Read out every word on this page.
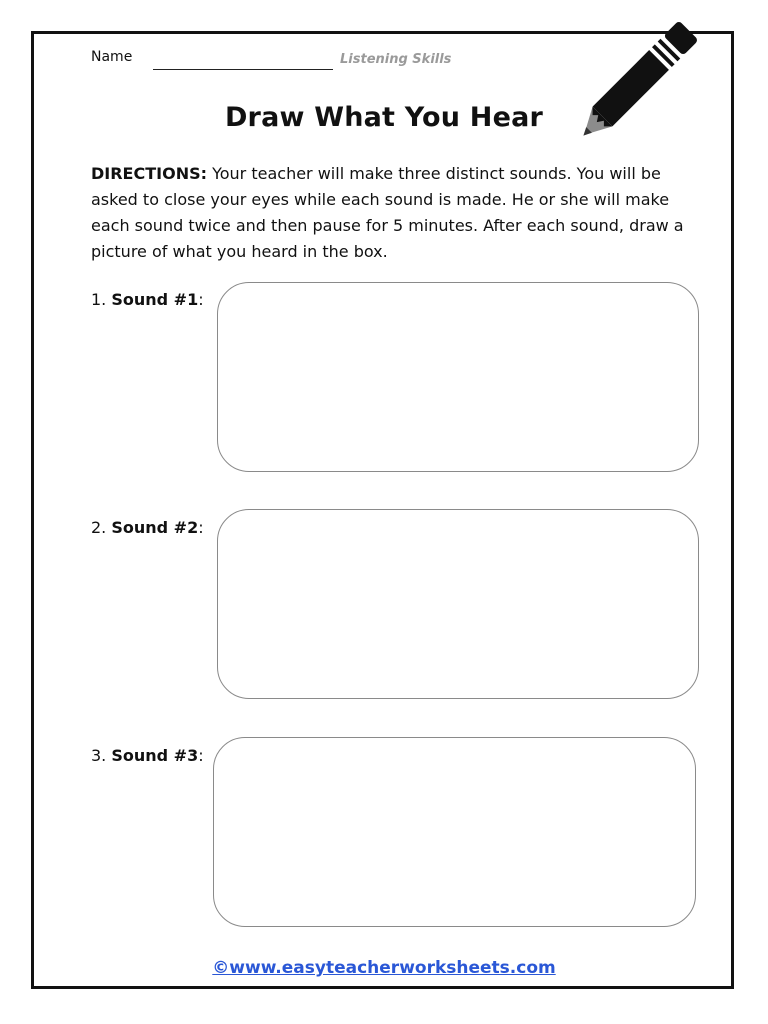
Name	Listening Skills
Draw What You Hear
DIRECTIONS: Your teacher will make three distinct sounds. You will be asked to close your eyes while each sound is made. He or she will make each sound twice and then pause for 5 minutes. After each sound, draw a picture of what you heard in the box.
1. Sound #1:
2. Sound #2:
3. Sound #3:
©www.easyteacherworksheets.com
